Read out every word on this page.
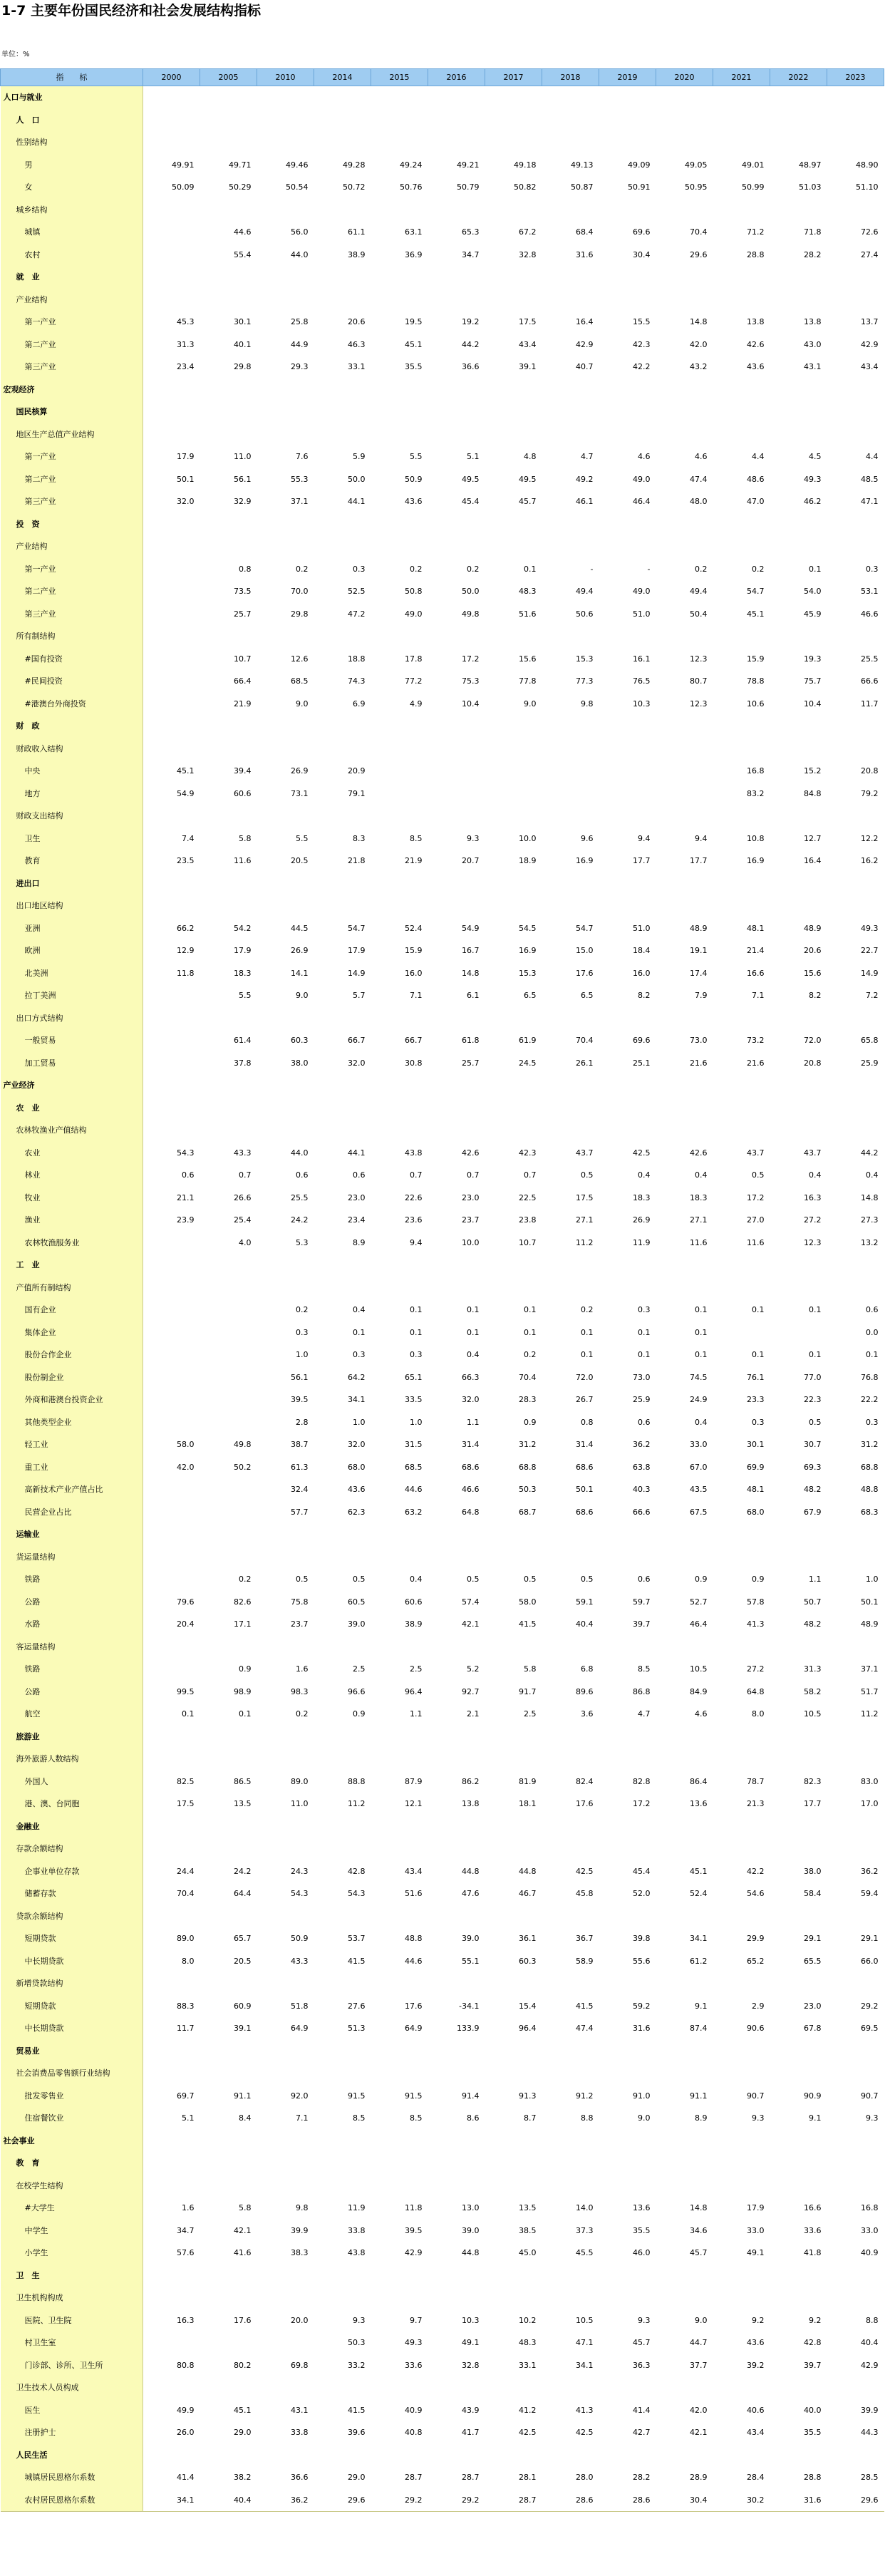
1-7 主要年份国民经济和社会发展结构指标
单位：%
指　　标	2000	2005	2010	2014	2015	2016	2017	2018	2019	2020	2021	2022	2023
人口与就业													
人　口													
性别结构													
男	49.91	49.71	49.46	49.28	49.24	49.21	49.18	49.13	49.09	49.05	49.01	48.97	48.90
女	50.09	50.29	50.54	50.72	50.76	50.79	50.82	50.87	50.91	50.95	50.99	51.03	51.10
城乡结构													
城镇		44.6	56.0	61.1	63.1	65.3	67.2	68.4	69.6	70.4	71.2	71.8	72.6
农村		55.4	44.0	38.9	36.9	34.7	32.8	31.6	30.4	29.6	28.8	28.2	27.4
就　业													
产业结构													
第一产业	45.3	30.1	25.8	20.6	19.5	19.2	17.5	16.4	15.5	14.8	13.8	13.8	13.7
第二产业	31.3	40.1	44.9	46.3	45.1	44.2	43.4	42.9	42.3	42.0	42.6	43.0	42.9
第三产业	23.4	29.8	29.3	33.1	35.5	36.6	39.1	40.7	42.2	43.2	43.6	43.1	43.4
宏观经济													
国民核算													
地区生产总值产业结构													
第一产业	17.9	11.0	7.6	5.9	5.5	5.1	4.8	4.7	4.6	4.6	4.4	4.5	4.4
第二产业	50.1	56.1	55.3	50.0	50.9	49.5	49.5	49.2	49.0	47.4	48.6	49.3	48.5
第三产业	32.0	32.9	37.1	44.1	43.6	45.4	45.7	46.1	46.4	48.0	47.0	46.2	47.1
投　资													
产业结构													
第一产业		0.8	0.2	0.3	0.2	0.2	0.1	-	-	0.2	0.2	0.1	0.3
第二产业		73.5	70.0	52.5	50.8	50.0	48.3	49.4	49.0	49.4	54.7	54.0	53.1
第三产业		25.7	29.8	47.2	49.0	49.8	51.6	50.6	51.0	50.4	45.1	45.9	46.6
所有制结构													
#国有投资		10.7	12.6	18.8	17.8	17.2	15.6	15.3	16.1	12.3	15.9	19.3	25.5
#民间投资		66.4	68.5	74.3	77.2	75.3	77.8	77.3	76.5	80.7	78.8	75.7	66.6
#港澳台外商投资		21.9	9.0	6.9	4.9	10.4	9.0	9.8	10.3	12.3	10.6	10.4	11.7
财　政													
财政收入结构													
中央	45.1	39.4	26.9	20.9							16.8	15.2	20.8
地方	54.9	60.6	73.1	79.1							83.2	84.8	79.2
财政支出结构													
卫生	7.4	5.8	5.5	8.3	8.5	9.3	10.0	9.6	9.4	9.4	10.8	12.7	12.2
教育	23.5	11.6	20.5	21.8	21.9	20.7	18.9	16.9	17.7	17.7	16.9	16.4	16.2
进出口													
出口地区结构													
亚洲	66.2	54.2	44.5	54.7	52.4	54.9	54.5	54.7	51.0	48.9	48.1	48.9	49.3
欧洲	12.9	17.9	26.9	17.9	15.9	16.7	16.9	15.0	18.4	19.1	21.4	20.6	22.7
北美洲	11.8	18.3	14.1	14.9	16.0	14.8	15.3	17.6	16.0	17.4	16.6	15.6	14.9
拉丁美洲		5.5	9.0	5.7	7.1	6.1	6.5	6.5	8.2	7.9	7.1	8.2	7.2
出口方式结构													
一般贸易		61.4	60.3	66.7	66.7	61.8	61.9	70.4	69.6	73.0	73.2	72.0	65.8
加工贸易		37.8	38.0	32.0	30.8	25.7	24.5	26.1	25.1	21.6	21.6	20.8	25.9
产业经济													
农　业													
农林牧渔业产值结构													
农业	54.3	43.3	44.0	44.1	43.8	42.6	42.3	43.7	42.5	42.6	43.7	43.7	44.2
林业	0.6	0.7	0.6	0.6	0.7	0.7	0.7	0.5	0.4	0.4	0.5	0.4	0.4
牧业	21.1	26.6	25.5	23.0	22.6	23.0	22.5	17.5	18.3	18.3	17.2	16.3	14.8
渔业	23.9	25.4	24.2	23.4	23.6	23.7	23.8	27.1	26.9	27.1	27.0	27.2	27.3
农林牧渔服务业		4.0	5.3	8.9	9.4	10.0	10.7	11.2	11.9	11.6	11.6	12.3	13.2
工　业													
产值所有制结构													
国有企业			0.2	0.4	0.1	0.1	0.1	0.2	0.3	0.1	0.1	0.1	0.6
集体企业			0.3	0.1	0.1	0.1	0.1	0.1	0.1	0.1			0.0
股份合作企业			1.0	0.3	0.3	0.4	0.2	0.1	0.1	0.1	0.1	0.1	0.1
股份制企业			56.1	64.2	65.1	66.3	70.4	72.0	73.0	74.5	76.1	77.0	76.8
外商和港澳台投资企业			39.5	34.1	33.5	32.0	28.3	26.7	25.9	24.9	23.3	22.3	22.2
其他类型企业			2.8	1.0	1.0	1.1	0.9	0.8	0.6	0.4	0.3	0.5	0.3
轻工业	58.0	49.8	38.7	32.0	31.5	31.4	31.2	31.4	36.2	33.0	30.1	30.7	31.2
重工业	42.0	50.2	61.3	68.0	68.5	68.6	68.8	68.6	63.8	67.0	69.9	69.3	68.8
高新技术产业产值占比			32.4	43.6	44.6	46.6	50.3	50.1	40.3	43.5	48.1	48.2	48.8
民营企业占比			57.7	62.3	63.2	64.8	68.7	68.6	66.6	67.5	68.0	67.9	68.3
运输业													
货运量结构													
铁路		0.2	0.5	0.5	0.4	0.5	0.5	0.5	0.6	0.9	0.9	1.1	1.0
公路	79.6	82.6	75.8	60.5	60.6	57.4	58.0	59.1	59.7	52.7	57.8	50.7	50.1
水路	20.4	17.1	23.7	39.0	38.9	42.1	41.5	40.4	39.7	46.4	41.3	48.2	48.9
客运量结构													
铁路		0.9	1.6	2.5	2.5	5.2	5.8	6.8	8.5	10.5	27.2	31.3	37.1
公路	99.5	98.9	98.3	96.6	96.4	92.7	91.7	89.6	86.8	84.9	64.8	58.2	51.7
航空	0.1	0.1	0.2	0.9	1.1	2.1	2.5	3.6	4.7	4.6	8.0	10.5	11.2
旅游业													
海外旅游人数结构													
外国人	82.5	86.5	89.0	88.8	87.9	86.2	81.9	82.4	82.8	86.4	78.7	82.3	83.0
港、澳、台同胞	17.5	13.5	11.0	11.2	12.1	13.8	18.1	17.6	17.2	13.6	21.3	17.7	17.0
金融业													
存款余额结构													
企事业单位存款	24.4	24.2	24.3	42.8	43.4	44.8	44.8	42.5	45.4	45.1	42.2	38.0	36.2
储蓄存款	70.4	64.4	54.3	54.3	51.6	47.6	46.7	45.8	52.0	52.4	54.6	58.4	59.4
贷款余额结构													
短期贷款	89.0	65.7	50.9	53.7	48.8	39.0	36.1	36.7	39.8	34.1	29.9	29.1	29.1
中长期贷款	8.0	20.5	43.3	41.5	44.6	55.1	60.3	58.9	55.6	61.2	65.2	65.5	66.0
新增贷款结构													
短期贷款	88.3	60.9	51.8	27.6	17.6	-34.1	15.4	41.5	59.2	9.1	2.9	23.0	29.2
中长期贷款	11.7	39.1	64.9	51.3	64.9	133.9	96.4	47.4	31.6	87.4	90.6	67.8	69.5
贸易业													
社会消费品零售额行业结构													
批发零售业	69.7	91.1	92.0	91.5	91.5	91.4	91.3	91.2	91.0	91.1	90.7	90.9	90.7
住宿餐饮业	5.1	8.4	7.1	8.5	8.5	8.6	8.7	8.8	9.0	8.9	9.3	9.1	9.3
社会事业													
教　育													
在校学生结构													
#大学生	1.6	5.8	9.8	11.9	11.8	13.0	13.5	14.0	13.6	14.8	17.9	16.6	16.8
中学生	34.7	42.1	39.9	33.8	39.5	39.0	38.5	37.3	35.5	34.6	33.0	33.6	33.0
小学生	57.6	41.6	38.3	43.8	42.9	44.8	45.0	45.5	46.0	45.7	49.1	41.8	40.9
卫　生													
卫生机构构成													
医院、卫生院	16.3	17.6	20.0	9.3	9.7	10.3	10.2	10.5	9.3	9.0	9.2	9.2	8.8
村卫生室				50.3	49.3	49.1	48.3	47.1	45.7	44.7	43.6	42.8	40.4
门诊部、诊所、卫生所	80.8	80.2	69.8	33.2	33.6	32.8	33.1	34.1	36.3	37.7	39.2	39.7	42.9
卫生技术人员构成													
医生	49.9	45.1	43.1	41.5	40.9	43.9	41.2	41.3	41.4	42.0	40.6	40.0	39.9
注册护士	26.0	29.0	33.8	39.6	40.8	41.7	42.5	42.5	42.7	42.1	43.4	35.5	44.3
人民生活													
城镇居民恩格尔系数	41.4	38.2	36.6	29.0	28.7	28.7	28.1	28.0	28.2	28.9	28.4	28.8	28.5
农村居民恩格尔系数	34.1	40.4	36.2	29.6	29.2	29.2	28.7	28.6	28.6	30.4	30.2	31.6	29.6
